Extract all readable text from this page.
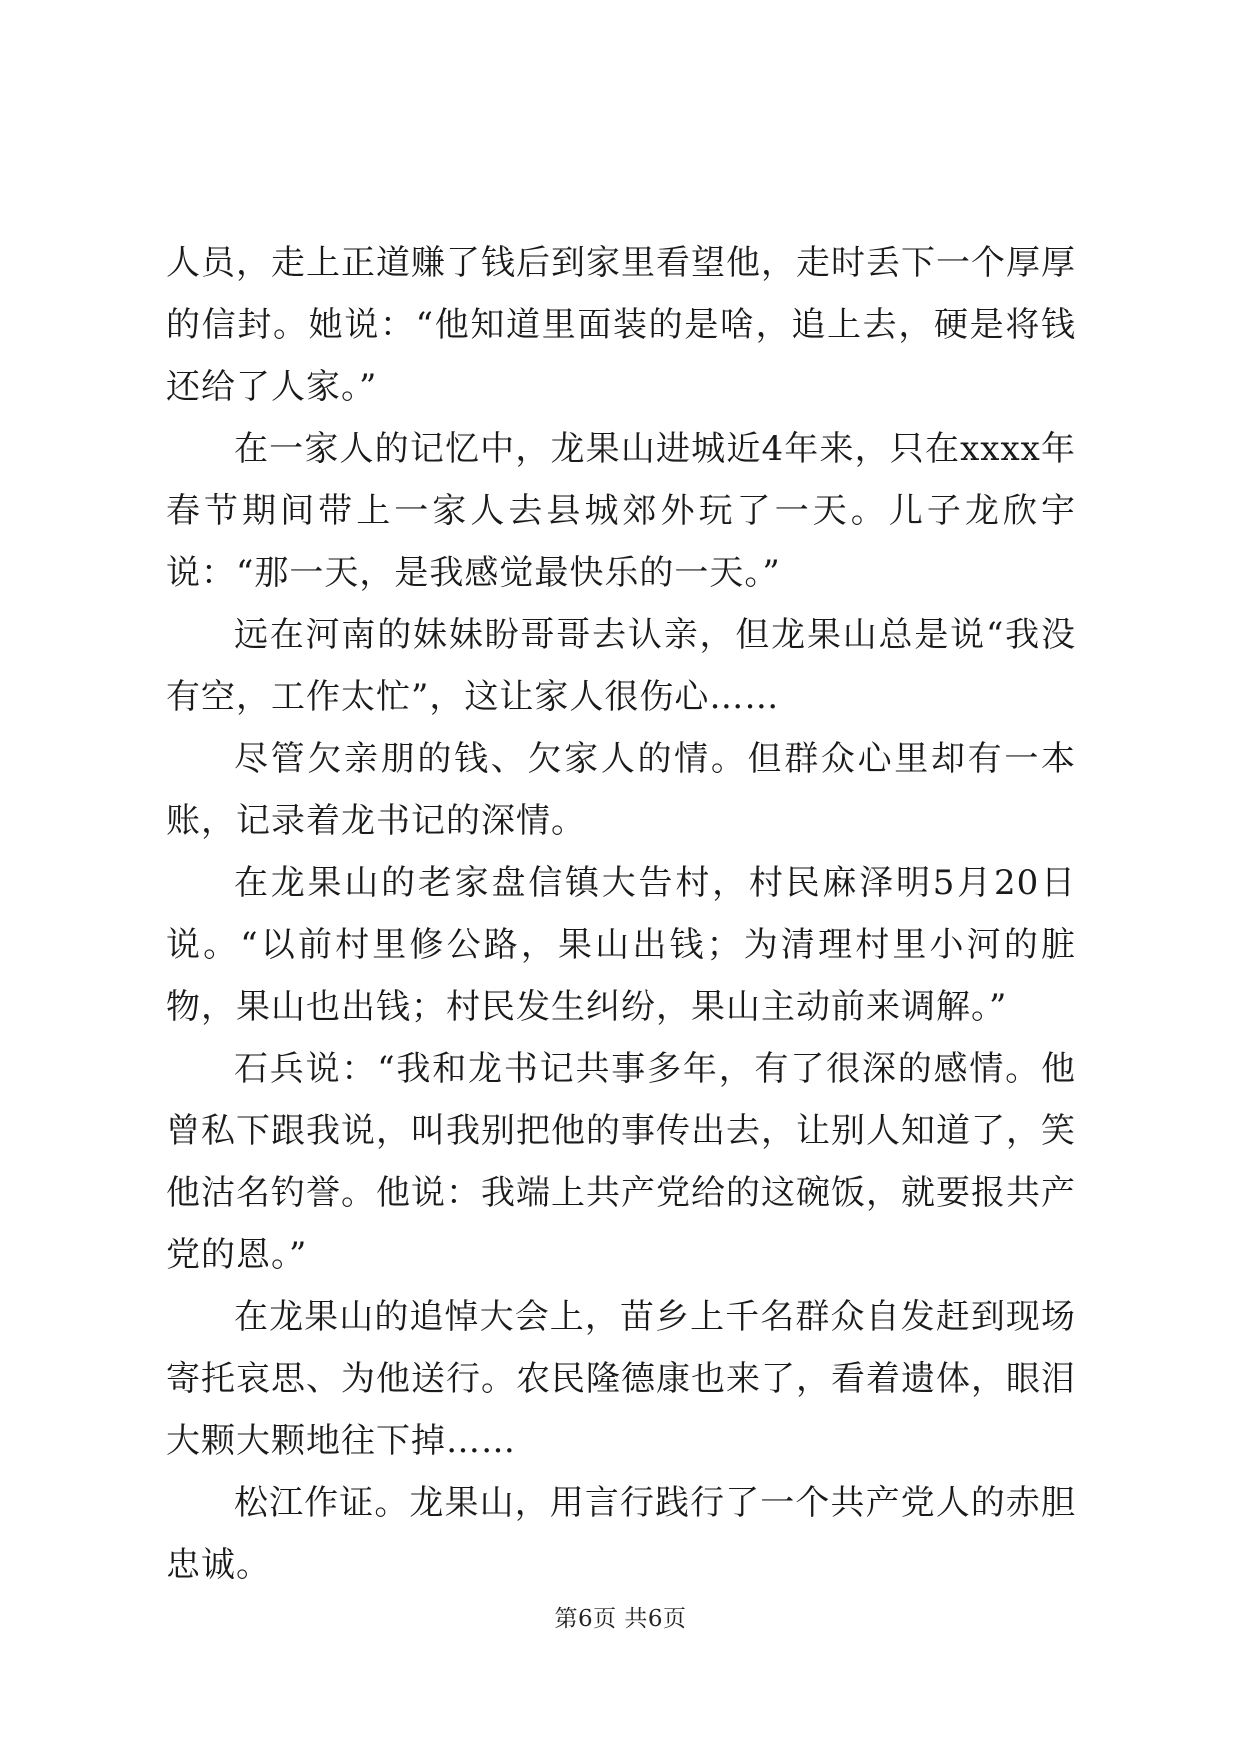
人员，走上正道赚了钱后到家里看望他，走时丢下一个厚厚的信封。她说：“他知道里面装的是啥，追上去，硬是将钱还给了人家。”

在一家人的记忆中，龙果山进城近4年来，只在xxxx年春节期间带上一家人去县城郊外玩了一天。儿子龙欣宇说：“那一天，是我感觉最快乐的一天。”

远在河南的妹妹盼哥哥去认亲，但龙果山总是说“我没有空，工作太忙”，这让家人很伤心……

尽管欠亲朋的钱、欠家人的情。但群众心里却有一本账，记录着龙书记的深情。

在龙果山的老家盘信镇大告村，村民麻泽明5月20日说。“以前村里修公路，果山出钱；为清理村里小河的脏物，果山也出钱；村民发生纠纷，果山主动前来调解。”

石兵说：“我和龙书记共事多年，有了很深的感情。他曾私下跟我说，叫我别把他的事传出去，让别人知道了，笑他沽名钓誉。他说：我端上共产党给的这碗饭，就要报共产党的恩。”

在龙果山的追悼大会上，苗乡上千名群众自发赶到现场寄托哀思、为他送行。农民隆德康也来了，看着遗体，眼泪大颗大颗地往下掉……

松江作证。龙果山，用言行践行了一个共产党人的赤胆忠诚。

第6页 共6页
